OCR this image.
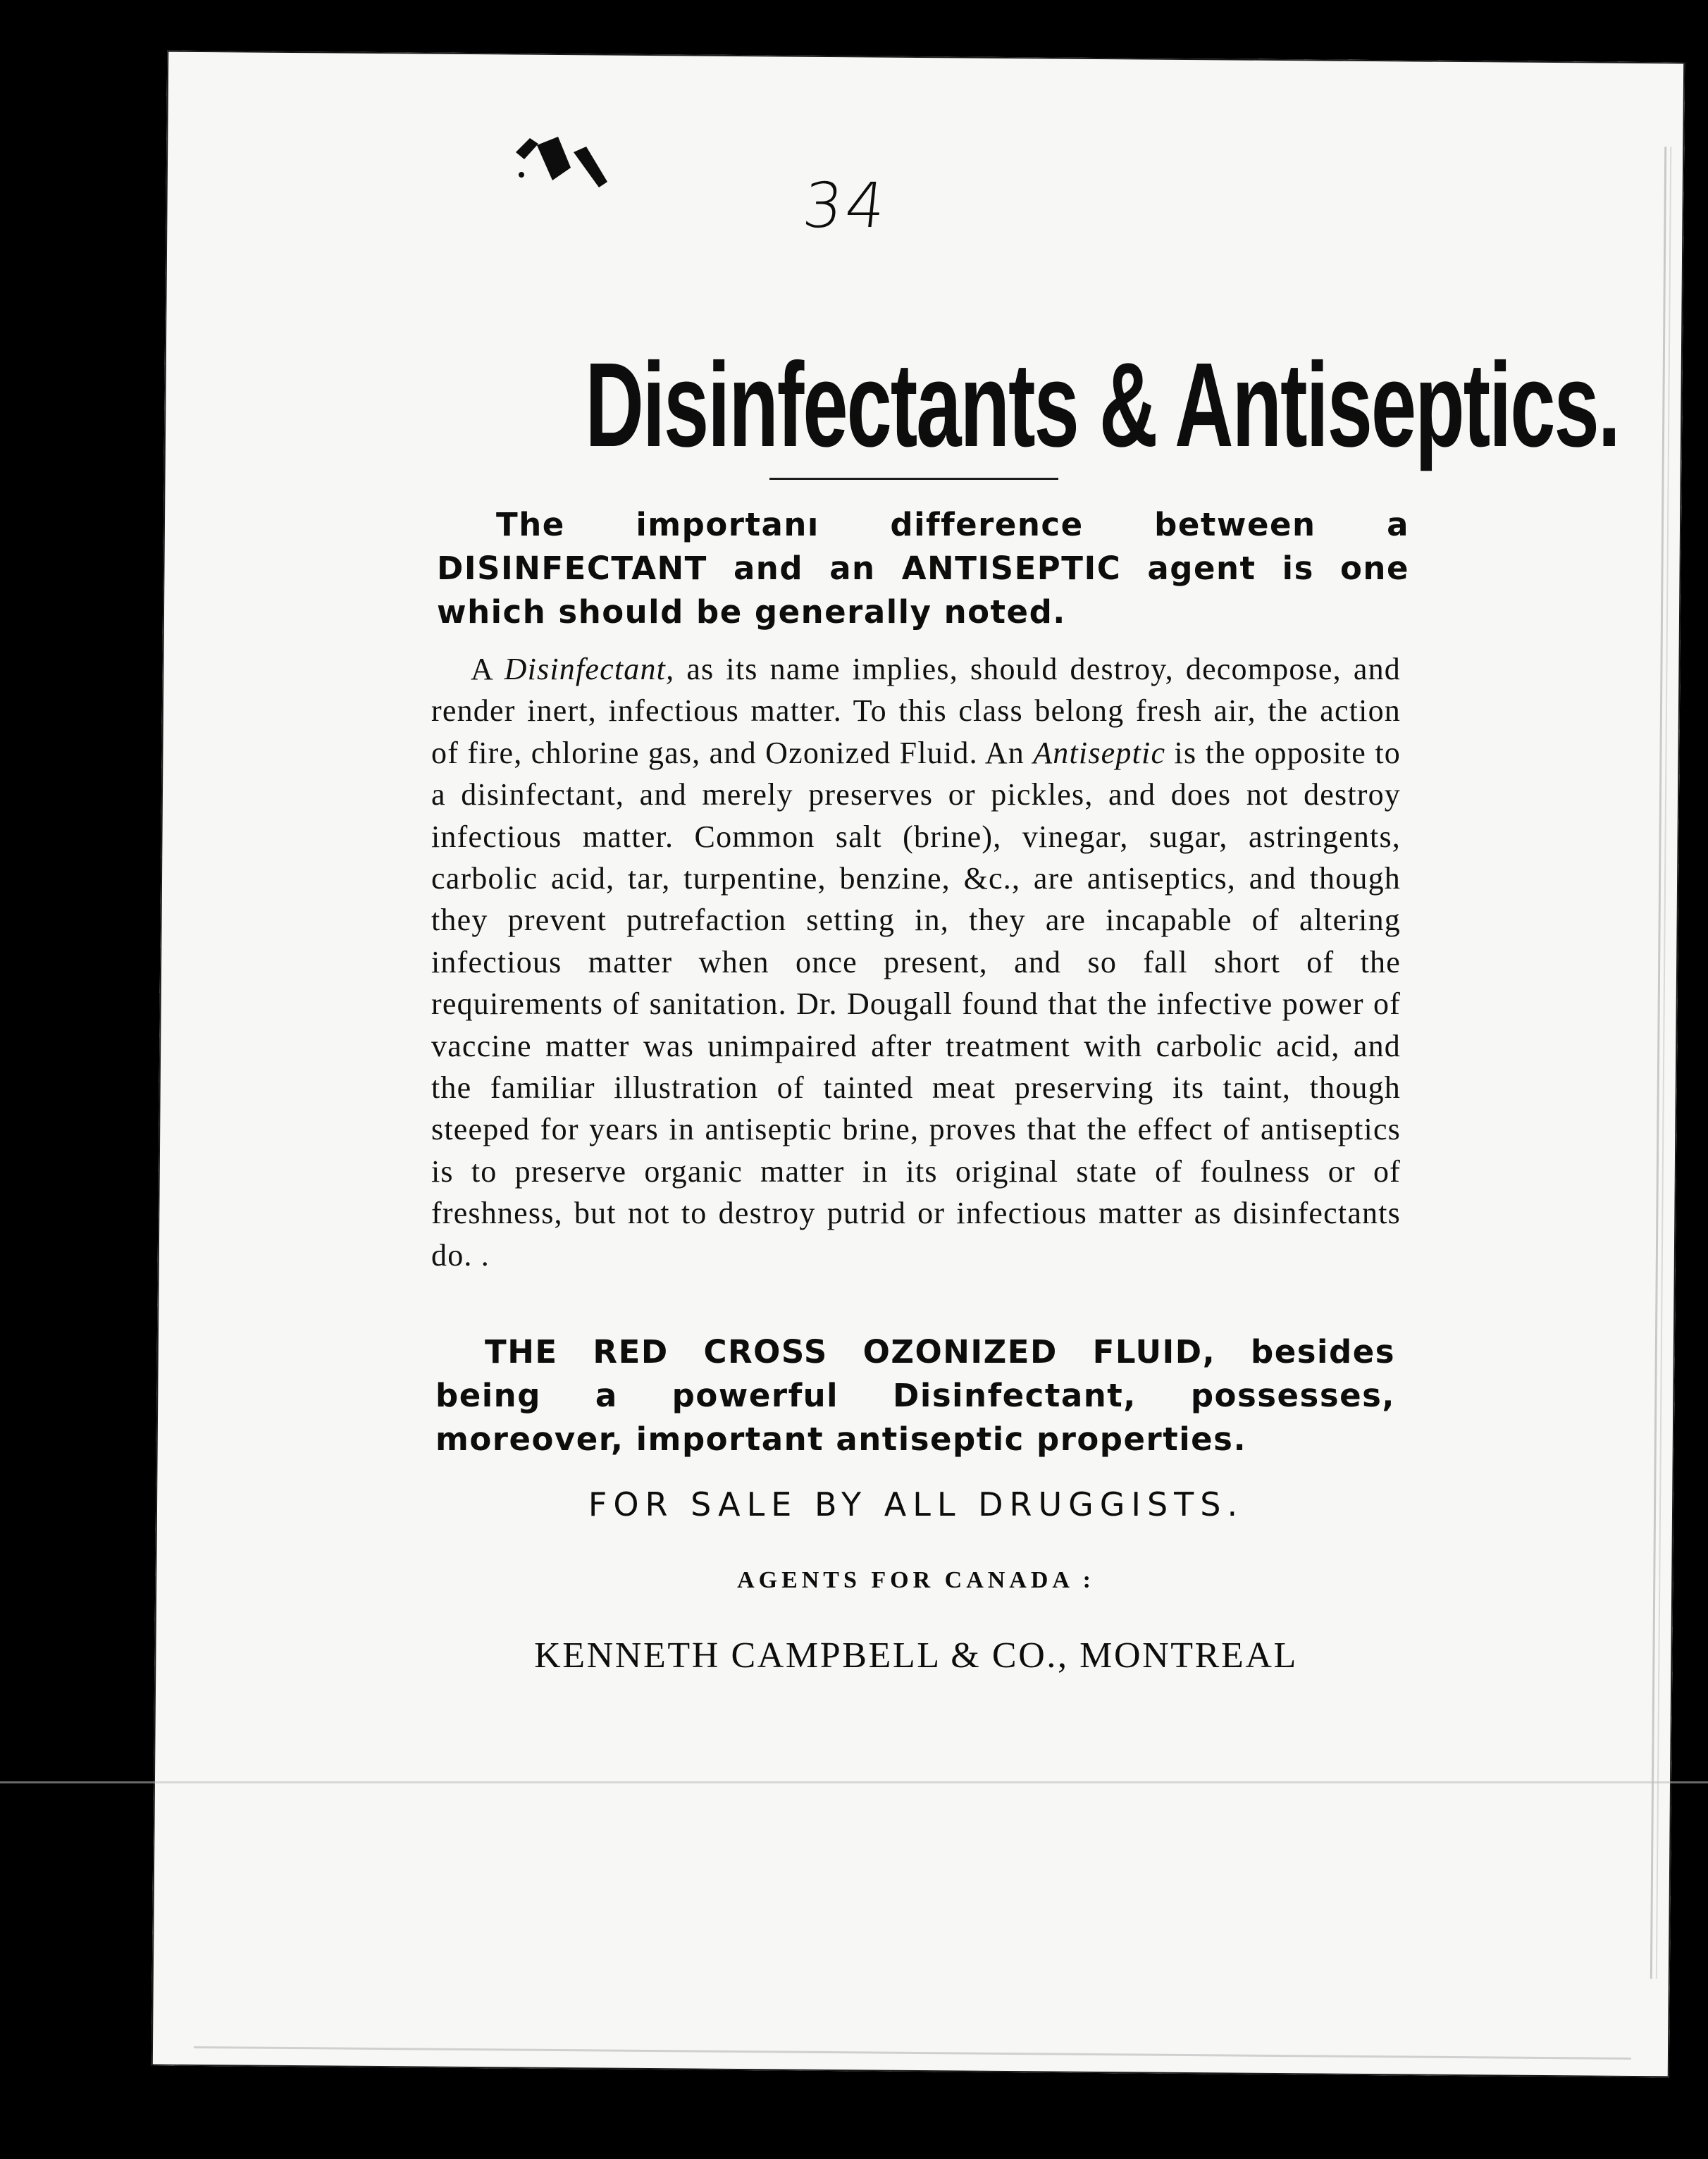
34
Disinfectants & Antiseptics.

The importanı difference between a DISINFECTANT and an ANTISEPTIC agent is one which should be generally noted.

A Disinfectant, as its name implies, should destroy, decompose, and render inert, infectious matter. To this class belong fresh air, the action of fire, chlorine gas, and Ozonized Fluid. An Antiseptic is the opposite to a disinfectant, and merely preserves or pickles, and does not destroy infectious matter. Common salt (brine), vinegar, sugar, astringents, carbolic acid, tar, turpentine, benzine, &c., are antiseptics, and though they prevent putrefaction setting in, they are incapable of altering infectious matter when once present, and so fall short of the requirements of sanitation. Dr. Dougall found that the infective power of vaccine matter was unimpaired after treatment with carbolic acid, and the familiar illustration of tainted meat preserving its taint, though steeped for years in antiseptic brine, proves that the effect of antiseptics is to preserve organic matter in its original state of foulness or of freshness, but not to destroy putrid or infectious matter as disinfectants do. .

THE RED CROSS OZONIZED FLUID, besides being a powerful Disinfectant, possesses, moreover, important antiseptic properties.

FOR SALE BY ALL DRUGGISTS.
AGENTS FOR CANADA :
KENNETH CAMPBELL & CO., MONTREAL
